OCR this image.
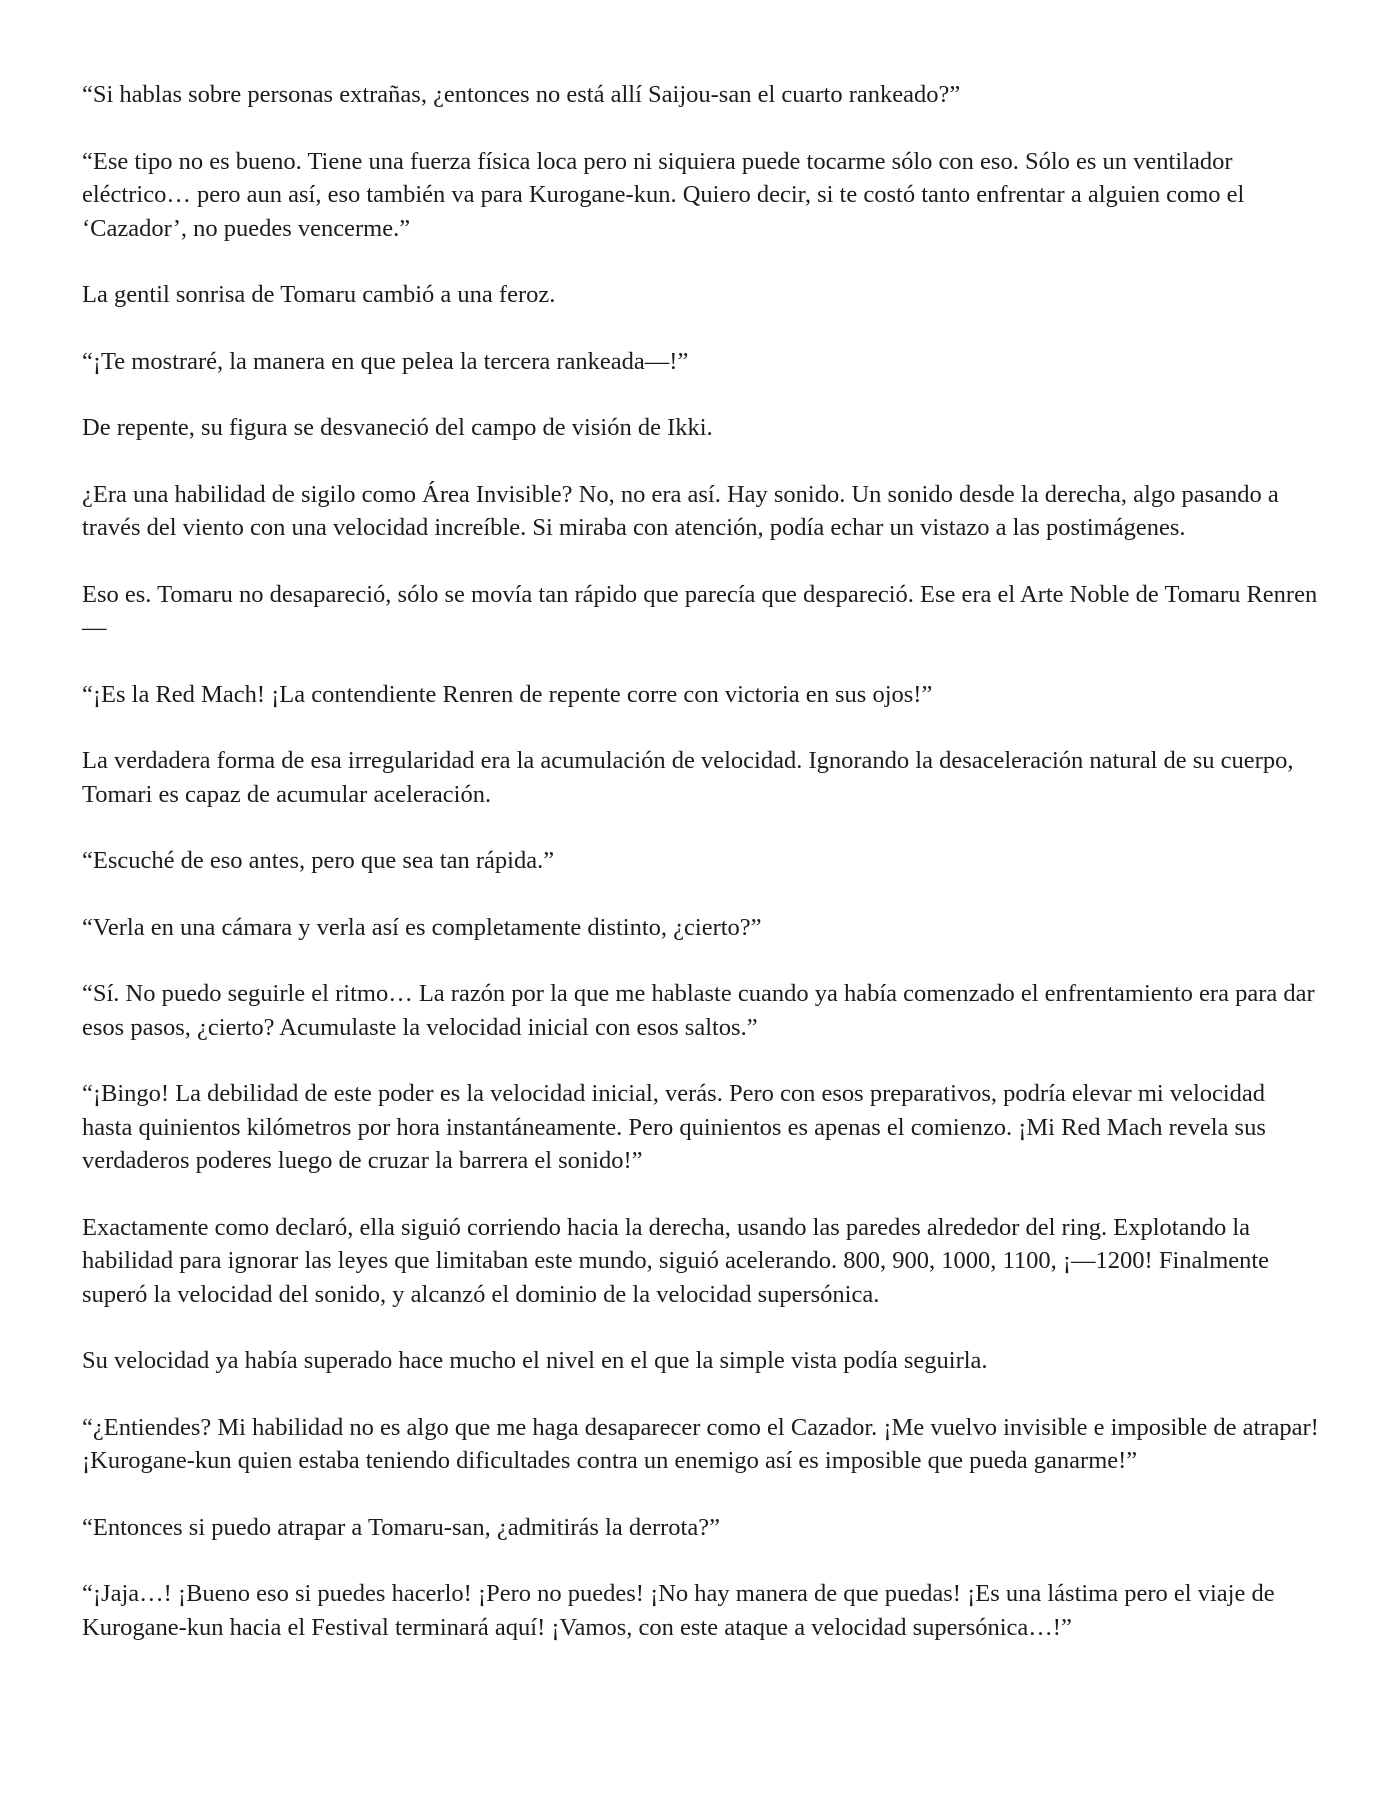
“Si hablas sobre personas extrañas, ¿entonces no está allí Saijou-san el cuarto rankeado?”

“Ese tipo no es bueno. Tiene una fuerza física loca pero ni siquiera puede tocarme sólo con eso. Sólo es un ventilador eléctrico… pero aun así, eso también va para Kurogane-kun. Quiero decir, si te costó tanto enfrentar a alguien como el ‘Cazador’, no puedes vencerme.”

La gentil sonrisa de Tomaru cambió a una feroz.

“¡Te mostraré, la manera en que pelea la tercera rankeada—!”

De repente, su figura se desvaneció del campo de visión de Ikki.

¿Era una habilidad de sigilo como Área Invisible? No, no era así. Hay sonido. Un sonido desde la derecha, algo pasando a través del viento con una velocidad increíble. Si miraba con atención, podía echar un vistazo a las postimágenes.

Eso es. Tomaru no desapareció, sólo se movía tan rápido que parecía que despareció. Ese era el Arte Noble de Tomaru Renren—

“¡Es la Red Mach! ¡La contendiente Renren de repente corre con victoria en sus ojos!”

La verdadera forma de esa irregularidad era la acumulación de velocidad. Ignorando la desaceleración natural de su cuerpo, Tomari es capaz de acumular aceleración.

“Escuché de eso antes, pero que sea tan rápida.”

“Verla en una cámara y verla así es completamente distinto, ¿cierto?”

“Sí. No puedo seguirle el ritmo… La razón por la que me hablaste cuando ya había comenzado el enfrentamiento era para dar esos pasos, ¿cierto? Acumulaste la velocidad inicial con esos saltos.”

“¡Bingo! La debilidad de este poder es la velocidad inicial, verás. Pero con esos preparativos, podría elevar mi velocidad hasta quinientos kilómetros por hora instantáneamente. Pero quinientos es apenas el comienzo. ¡Mi Red Mach revela sus verdaderos poderes luego de cruzar la barrera el sonido!”

Exactamente como declaró, ella siguió corriendo hacia la derecha, usando las paredes alrededor del ring. Explotando la habilidad para ignorar las leyes que limitaban este mundo, siguió acelerando. 800, 900, 1000, 1100, ¡—1200! Finalmente superó la velocidad del sonido, y alcanzó el dominio de la velocidad supersónica.

Su velocidad ya había superado hace mucho el nivel en el que la simple vista podía seguirla.

“¿Entiendes? Mi habilidad no es algo que me haga desaparecer como el Cazador. ¡Me vuelvo invisible e imposible de atrapar! ¡Kurogane-kun quien estaba teniendo dificultades contra un enemigo así es imposible que pueda ganarme!”

“Entonces si puedo atrapar a Tomaru-san, ¿admitirás la derrota?”

“¡Jaja…! ¡Bueno eso si puedes hacerlo! ¡Pero no puedes! ¡No hay manera de que puedas! ¡Es una lástima pero el viaje de Kurogane-kun hacia el Festival terminará aquí! ¡Vamos, con este ataque a velocidad supersónica…!”
